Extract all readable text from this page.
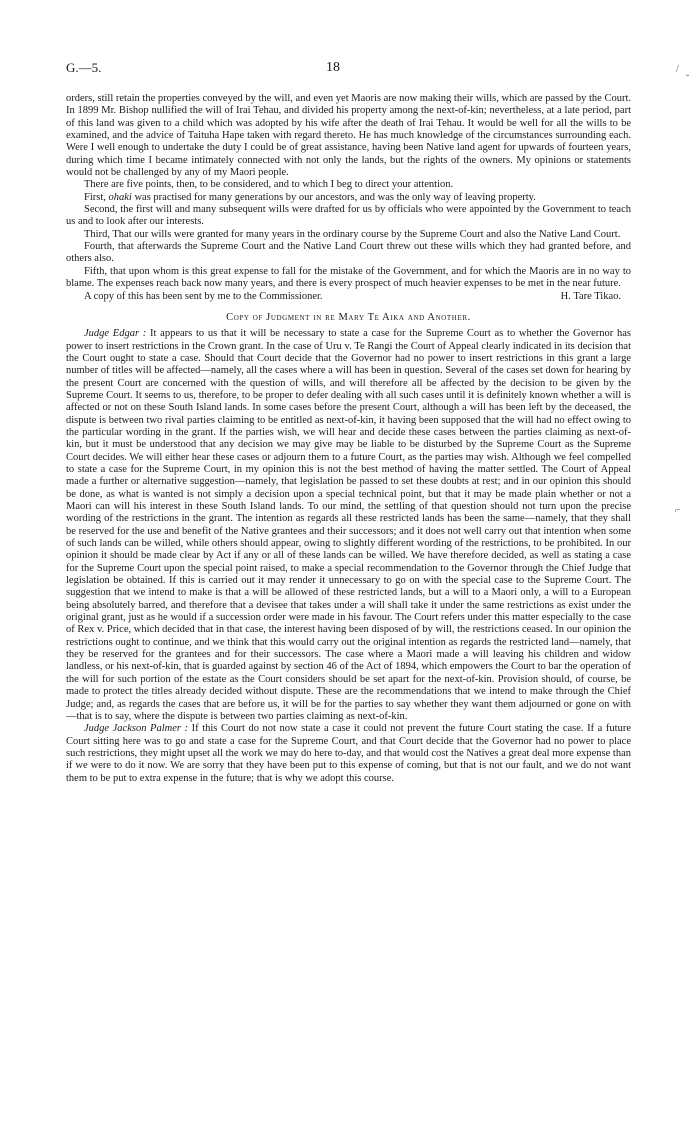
G.—5.	18	/
˘
⌐

orders, still retain the properties conveyed by the will, and even yet Maoris are now making their wills, which are passed by the Court. In 1899 Mr. Bishop nullified the will of Irai Tehau, and divided his property among the next-of-kin; nevertheless, at a late period, part of this land was given to a child which was adopted by his wife after the death of Irai Tehau. It would be well for all the wills to be examined, and the advice of Taituha Hape taken with regard thereto. He has much knowledge of the circumstances surrounding each. Were I well enough to undertake the duty I could be of great assistance, having been Native land agent for upwards of fourteen years, during which time I became intimately connected with not only the lands, but the rights of the owners. My opinions or statements would not be challenged by any of my Maori people.

There are five points, then, to be considered, and to which I beg to direct your attention.

First, ohaki was practised for many generations by our ancestors, and was the only way of leaving property.

Second, the first will and many subsequent wills were drafted for us by officials who were appointed by the Government to teach us and to look after our interests.

Third, That our wills were granted for many years in the ordinary course by the Supreme Court and also the Native Land Court.

Fourth, that afterwards the Supreme Court and the Native Land Court threw out these wills which they had granted before, and others also.

Fifth, that upon whom is this great expense to fall for the mistake of the Government, and for which the Maoris are in no way to blame. The expenses reach back now many years, and there is every prospect of much heavier expenses to be met in the near future.

A copy of this has been sent by me to the Commissioner.	H. Tare Tikao.

Copy of Judgment in re Mary Te Aika and Another.

Judge Edgar : It appears to us that it will be necessary to state a case for the Supreme Court as to whether the Governor has power to insert restrictions in the Crown grant. In the case of Uru v. Te Rangi the Court of Appeal clearly indicated in its decision that the Court ought to state a case. Should that Court decide that the Governor had no power to insert restrictions in this grant a large number of titles will be affected—namely, all the cases where a will has been in question. Several of the cases set down for hearing by the present Court are concerned with the question of wills, and will therefore all be affected by the decision to be given by the Supreme Court. It seems to us, therefore, to be proper to defer dealing with all such cases until it is definitely known whether a will is affected or not on these South Island lands. In some cases before the present Court, although a will has been left by the deceased, the dispute is between two rival parties claiming to be entitled as next-of-kin, it having been supposed that the will had no effect owing to the particular wording in the grant. If the parties wish, we will hear and decide these cases between the parties claiming as next-of-kin, but it must be understood that any decision we may give may be liable to be disturbed by the Supreme Court as the Supreme Court decides. We will either hear these cases or adjourn them to a future Court, as the parties may wish. Although we feel compelled to state a case for the Supreme Court, in my opinion this is not the best method of having the matter settled. The Court of Appeal made a further or alternative suggestion—namely, that legislation be passed to set these doubts at rest; and in our opinion this should be done, as what is wanted is not simply a decision upon a special technical point, but that it may be made plain whether or not a Maori can will his interest in these South Island lands. To our mind, the settling of that question should not turn upon the precise wording of the restrictions in the grant. The intention as regards all these restricted lands has been the same—namely, that they shall be reserved for the use and benefit of the Native grantees and their successors; and it does not well carry out that intention when some of such lands can be willed, while others should appear, owing to slightly different wording of the restrictions, to be prohibited. In our opinion it should be made clear by Act if any or all of these lands can be willed. We have therefore decided, as well as stating a case for the Supreme Court upon the special point raised, to make a special recommendation to the Governor through the Chief Judge that legislation be obtained. If this is carried out it may render it unnecessary to go on with the special case to the Supreme Court. The suggestion that we intend to make is that a will be allowed of these restricted lands, but a will to a Maori only, a will to a European being absolutely barred, and therefore that a devisee that takes under a will shall take it under the same restrictions as exist under the original grant, just as he would if a succession order were made in his favour. The Court refers under this matter especially to the case of Rex v. Price, which decided that in that case, the interest having been disposed of by will, the restrictions ceased. In our opinion the restrictions ought to continue, and we think that this would carry out the original intention as regards the restricted land—namely, that they be reserved for the grantees and for their successors. The case where a Maori made a will leaving his children and widow landless, or his next-of-kin, that is guarded against by section 46 of the Act of 1894, which empowers the Court to bar the operation of the will for such portion of the estate as the Court considers should be set apart for the next-of-kin. Provision should, of course, be made to protect the titles already decided without dispute. These are the recommendations that we intend to make through the Chief Judge; and, as regards the cases that are before us, it will be for the parties to say whether they want them adjourned or gone on with—that is to say, where the dispute is between two parties claiming as next-of-kin.

Judge Jackson Palmer : If this Court do not now state a case it could not prevent the future Court stating the case. If a future Court sitting here was to go and state a case for the Supreme Court, and that Court decide that the Governor had no power to place such restrictions, they might upset all the work we may do here to-day, and that would cost the Natives a great deal more expense than if we were to do it now. We are sorry that they have been put to this expense of coming, but that is not our fault, and we do not want them to be put to extra expense in the future; that is why we adopt this course.
